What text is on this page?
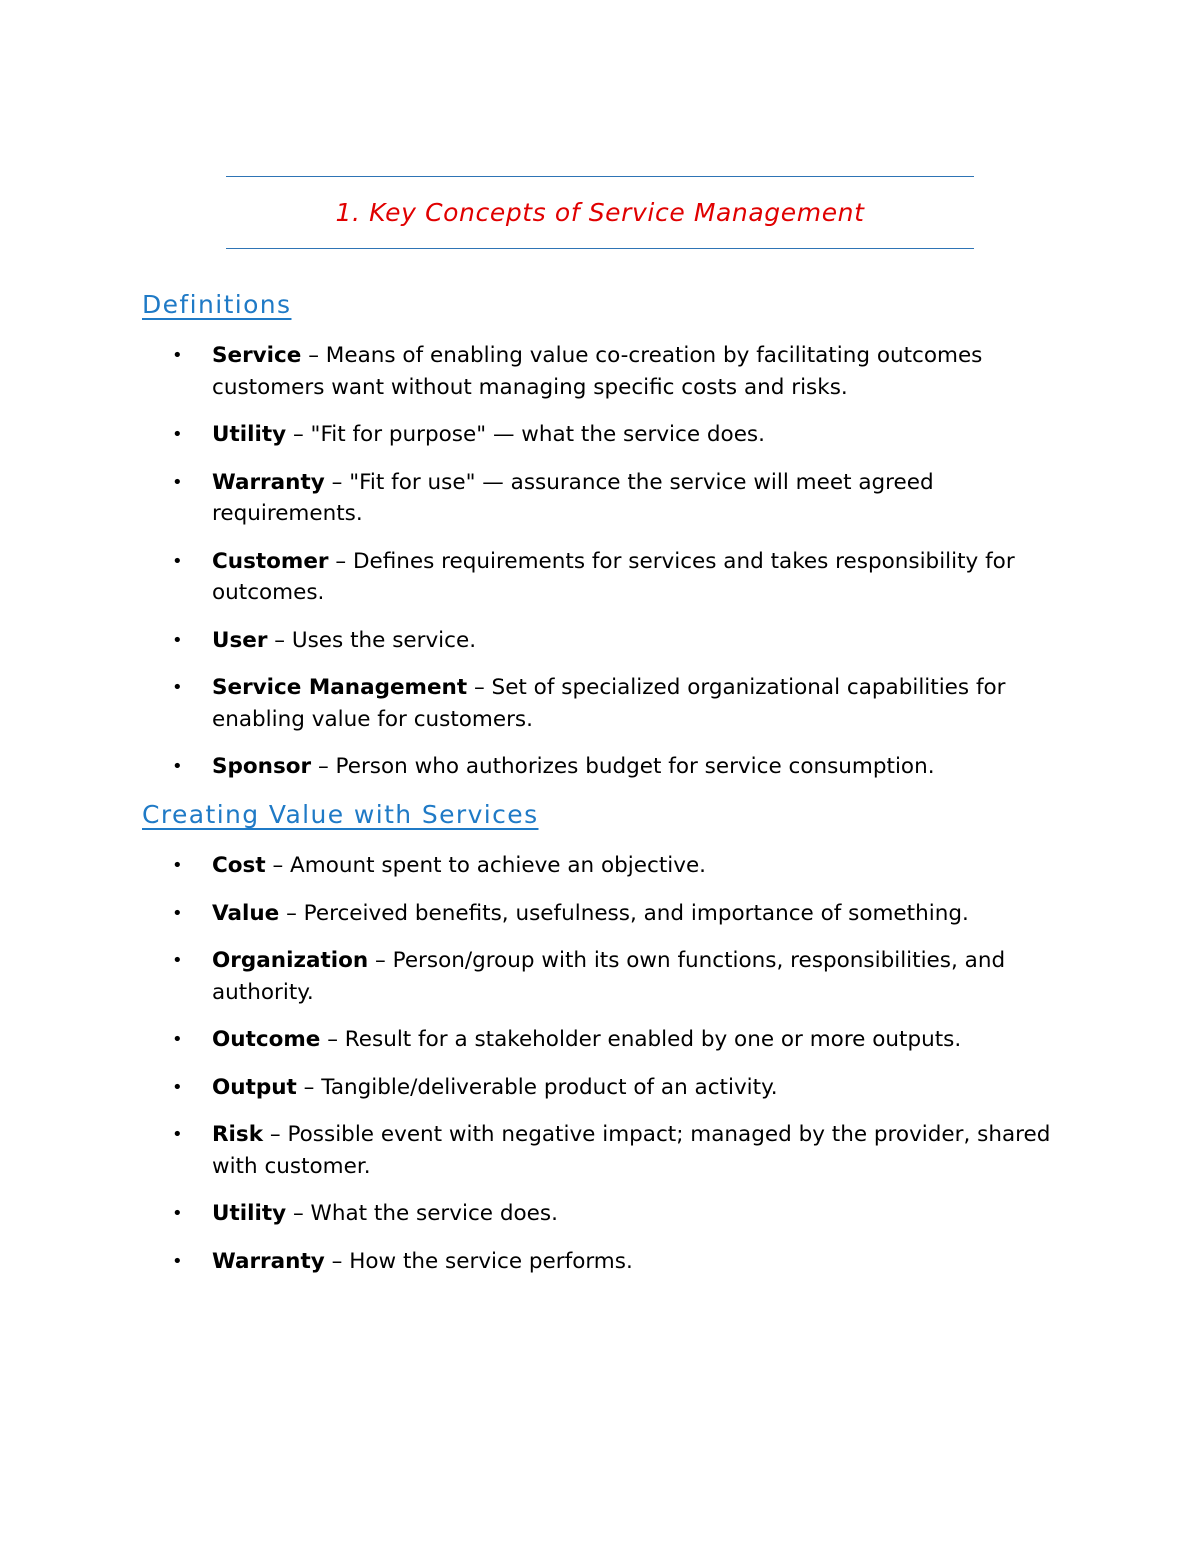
1. Key Concepts of Service Management
Definitions
• Service – Means of enabling value co-creation by facilitating outcomes customers want without managing specific costs and risks.
• Utility – "Fit for purpose" — what the service does.
• Warranty – "Fit for use" — assurance the service will meet agreed requirements.
• Customer – Defines requirements for services and takes responsibility for outcomes.
• User – Uses the service.
• Service Management – Set of specialized organizational capabilities for enabling value for customers.
• Sponsor – Person who authorizes budget for service consumption.
Creating Value with Services
• Cost – Amount spent to achieve an objective.
• Value – Perceived benefits, usefulness, and importance of something.
• Organization – Person/group with its own functions, responsibilities, and authority.
• Outcome – Result for a stakeholder enabled by one or more outputs.
• Output – Tangible/deliverable product of an activity.
• Risk – Possible event with negative impact; managed by the provider, shared with customer.
• Utility – What the service does.
• Warranty – How the service performs.
